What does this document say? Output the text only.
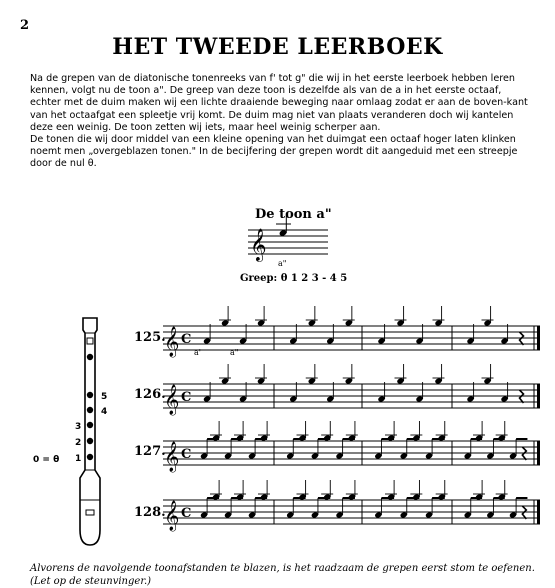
2
HET TWEEDE LEERBOEK

Na de grepen van de diatonische tonenreeks van f' tot g" die wij in het eerste leerboek hebben leren kennen, volgt nu de toon a". De greep van deze toon is dezelfde als van de a in het eerste octaaf, echter met de duim maken wij een lichte draaiende beweging naar omlaag zodat er aan de boven-kant van het octaafgat een spleetje vrij komt. De duim mag niet van plaats veranderen doch wij kantelen deze een weinig. De toon zetten wij iets, maar heel weinig scherper aan.

De tonen die wij door middel van een kleine opening van het duimgat een octaaf hoger laten klinken noemt men „overgeblazen tonen." In de becijfering der grepen wordt dit aangeduid met een streepje door de nul θ.

De toon a"
𝄞
a"
5
4
3
2
1
0 = θ
𝄞 C
𝄞 C
𝄞 C
𝄞 C
Greep: θ 1 2 3 - 4 5
125.
126.
127.
128.
a'	a"
Alvorens de navolgende toonafstanden te blazen, is het raadzaam de grepen eerst stom te oefenen.
(Let op de steunvinger.)
